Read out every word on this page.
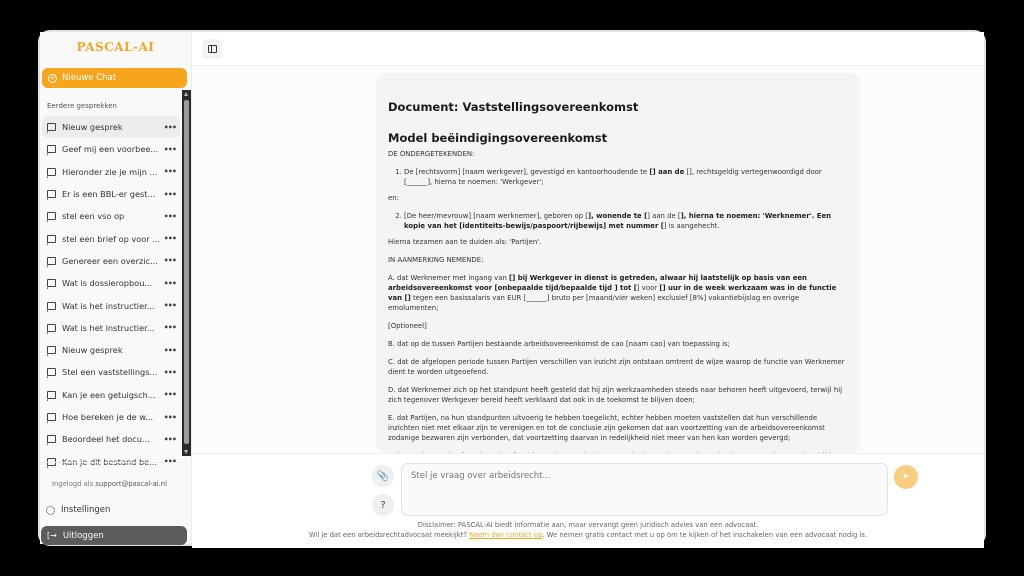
PASCAL-AI
+ Nieuwe Chat
Eerdere gesprekken
Nieuw gesprek	•••
Geef mij een voorbee... •••
Hieronder zie je mijn ... •••
Er is een BBL-er gest...	•••
stel een vso op	•••
stel een brief op voor ... •••
Genereer een overzic... •••
Wat is dossieropbou...	•••
Wat is het instructier...	•••
Wat is het instructier...	•••
Nieuw gesprek	•••
Stel een vaststellings... •••
Kan je een getuigsch... •••
Hoe bereken je de w...	•••
Beoordeel het docu...	•••
Ingelogd als support@pascal-ai.nl
Instellingen
[→ Uitloggen
Document: Vaststellingsovereenkomst
Model beëindigingsovereenkomst

DE ONDERGETEKENDEN:

1. De [rechtsvorm] [naam werkgever], gevestigd en kantoorhoudende te [] aan de [], rechtsgeldig vertegenwoordigd door [______], hierna te noemen: 'Werkgever';

en:

2. [De heer/mevrouw] [naam werknemer], geboren op [], wonende te [] aan de [], hierna te noemen: 'Werknemer'. Een kopie van het [identiteits-bewijs/paspoort/rijbewijs] met nummer [] is aangehecht.

Hierna tezamen aan te duiden als: 'Partijen'.

IN AANMERKING NEMENDE:

A. dat Werknemer met ingang van [] bij Werkgever in dienst is getreden, alwaar hij laatstelijk op basis van een arbeidsovereenkomst voor [onbepaalde tijd/bepaalde tijd ] tot [] voor [] uur in de week werkzaam was in de functie van [] tegen een basissalaris van EUR [______] bruto per [maand/vier weken] exclusief [8%] vakantiebijslag en overige emolumenten;

[Optioneel]

B. dat op de tussen Partijen bestaande arbeidsovereenkomst de cao [naam cao] van toepassing is;

C. dat de afgelopen periode tussen Partijen verschillen van inzicht zijn ontstaan omtrent de wijze waarop de functie van Werknemer dient te worden uitgeoefend.

D. dat Werknemer zich op het standpunt heeft gesteld dat hij zijn werkzaamheden steeds naar behoren heeft uitgevoerd, terwijl hij zich tegenover Werkgever bereid heeft verklaard dat ook in de toekomst te blijven doen;

E. dat Partijen, na hun standpunten uitvoerig te hebben toegelicht, echter hebben moeten vaststellen dat hun verschillende inzichten niet met elkaar zijn te verenigen en tot de conclusie zijn gekomen dat aan voortzetting van de arbeidsovereenkomst zodanige bezwaren zijn verbonden, dat voortzetting daarvan in redelijkheid niet meer van hen kan worden gevergd;

📎
?
Stel je vraag over arbeidsrecht...
➤
Disclaimer: PASCAL-AI biedt informatie aan, maar vervangt geen juridisch advies van een advocaat.
Wil je dat een arbeidsrechtadvocaat meekijkt? Neem dan contact op. We nemen gratis contact met u op om te kijken of het inschakelen van een advocaat nodig is.
